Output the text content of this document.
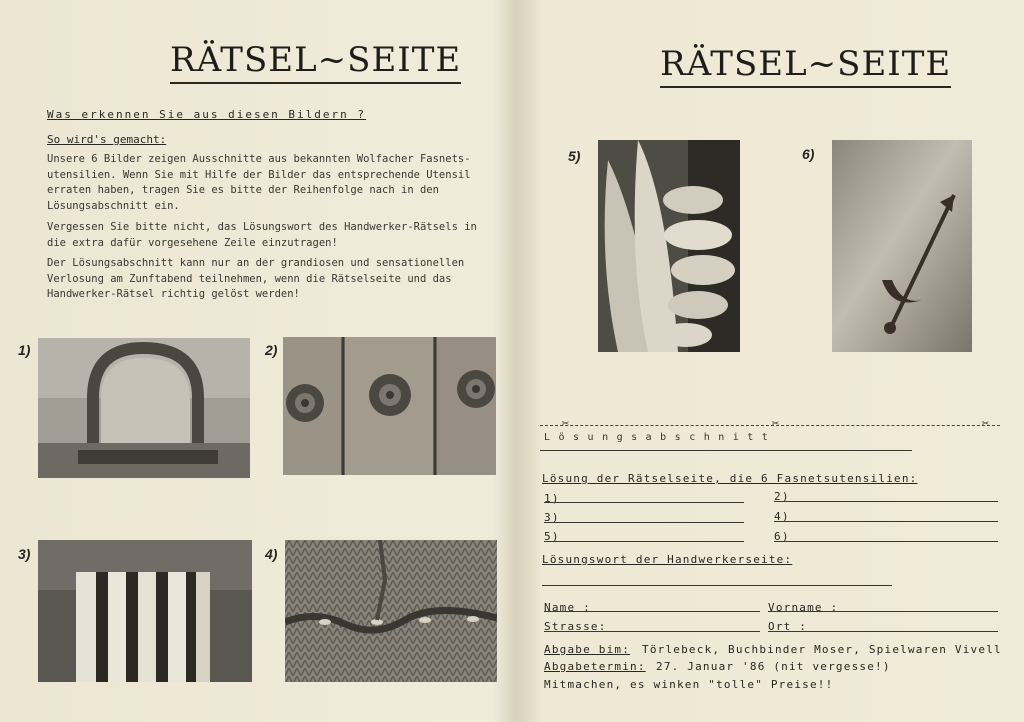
RÄTSEL~SEITE
Was erkennen Sie aus diesen Bildern ?
So wird's gemacht:

Unsere 6 Bilder zeigen Ausschnitte aus bekannten Wolfacher Fasnets-utensilien. Wenn Sie mit Hilfe der Bilder das entsprechende Utensil erraten haben, tragen Sie es bitte der Reihenfolge nach in den Lösungsabschnitt ein.

Vergessen Sie bitte nicht, das Lösungswort des Handwerker-Rätsels in die extra dafür vorgesehene Zeile einzutragen!

Der Lösungsabschnitt kann nur an der grandiosen und sensationellen Verlosung am Zunftabend teilnehmen, wenn die Rätselseite und das Handwerker-Rätsel richtig gelöst werden!

1)	2)
3)	4)
RÄTSEL~SEITE
5)	6)
✂	✂	✂
Lösungsabschnitt
Lösung der Rätselseite, die 6 Fasnetsutensilien:
1)	2)
3)	4)
5)	6)
Lösungswort der Handwerkerseite:
Name :	Vorname :
Strasse:	Ort :
Abgabe bim: Törlebeck, Buchbinder Moser, Spielwaren Vivell
Abgabetermin: 27. Januar '86 (nit vergesse!)
Mitmachen, es winken "tolle" Preise!!
